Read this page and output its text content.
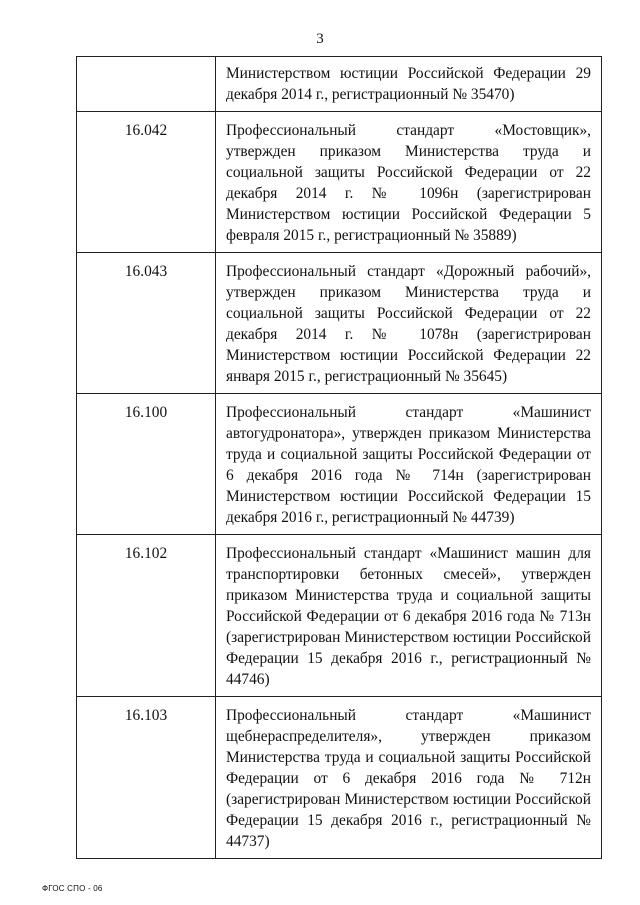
3
	Министерством юстиции Российской Федерации 29 декабря 2014 г., регистрационный № 35470)
16.042	Профессиональный стандарт «Мостовщик», утвержден приказом Министерства труда и социальной защиты Российской Федерации от 22 декабря 2014 г. № 1096н (зарегистрирован Министерством юстиции Российской Федерации 5 февраля 2015 г., регистрационный № 35889)
16.043	Профессиональный стандарт «Дорожный рабочий», утвержден приказом Министерства труда и социальной защиты Российской Федерации от 22 декабря 2014 г. № 1078н (зарегистрирован Министерством юстиции Российской Федерации 22 января 2015 г., регистрационный № 35645)
16.100	Профессиональный стандарт «Машинист автогудронатора», утвержден приказом Министерства труда и социальной защиты Российской Федерации от 6 декабря 2016 года № 714н (зарегистрирован Министерством юстиции Российской Федерации 15 декабря 2016 г., регистрационный № 44739)
16.102	Профессиональный стандарт «Машинист машин для транспортировки бетонных смесей», утвержден приказом Министерства труда и социальной защиты Российской Федерации от 6 декабря 2016 года № 713н (зарегистрирован Министерством юстиции Российской Федерации 15 декабря 2016 г., регистрационный № 44746)
16.103	Профессиональный стандарт «Машинист щебнераспределителя», утвержден приказом Министерства труда и социальной защиты Российской Федерации от 6 декабря 2016 года № 712н (зарегистрирован Министерством юстиции Российской Федерации 15 декабря 2016 г., регистрационный № 44737)
ФГОС СПО - 06
